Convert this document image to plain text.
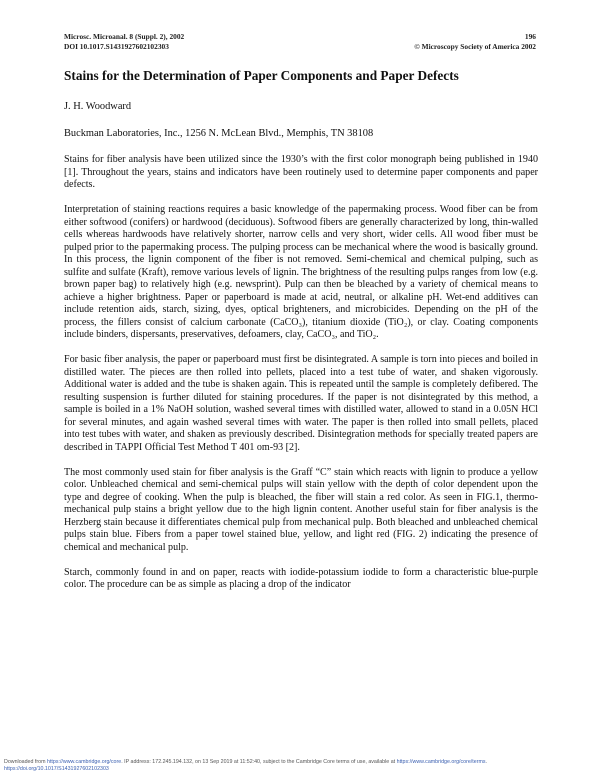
Microsc. Microanal. 8 (Suppl. 2), 2002
DOI 10.1017.S1431927602102303
196
© Microscopy Society of America 2002
Stains for the Determination of Paper Components and Paper Defects
J. H. Woodward
Buckman Laboratories, Inc., 1256 N. McLean Blvd., Memphis, TN 38108

Stains for fiber analysis have been utilized since the 1930’s with the first color monograph being published in 1940 [1]. Throughout the years, stains and indicators have been routinely used to determine paper components and paper defects.

Interpretation of staining reactions requires a basic knowledge of the papermaking process. Wood fiber can be from either softwood (conifers) or hardwood (deciduous). Softwood fibers are generally characterized by long, thin-walled cells whereas hardwoods have relatively shorter, narrow cells and very short, wider cells. All wood fiber must be pulped prior to the papermaking process. The pulping process can be mechanical where the wood is basically ground. In this process, the lignin component of the fiber is not removed. Semi-chemical and chemical pulping, such as sulfite and sulfate (Kraft), remove various levels of lignin. The brightness of the resulting pulps ranges from low (e.g. brown paper bag) to relatively high (e.g. newsprint). Pulp can then be bleached by a variety of chemical means to achieve a higher brightness. Paper or paperboard is made at acid, neutral, or alkaline pH. Wet-end additives can include retention aids, starch, sizing, dyes, optical brighteners, and microbicides. Depending on the pH of the process, the fillers consist of calcium carbonate (CaCO₃), titanium dioxide (TiO₂), or clay. Coating components include binders, dispersants, preservatives, defoamers, clay, CaCO₃, and TiO₂.

For basic fiber analysis, the paper or paperboard must first be disintegrated. A sample is torn into pieces and boiled in distilled water. The pieces are then rolled into pellets, placed into a test tube of water, and shaken vigorously. Additional water is added and the tube is shaken again. This is repeated until the sample is completely defibered. The resulting suspension is further diluted for staining procedures. If the paper is not disintegrated by this method, a sample is boiled in a 1% NaOH solution, washed several times with distilled water, allowed to stand in a 0.05N HCl for several minutes, and again washed several times with water. The paper is then rolled into small pellets, placed into test tubes with water, and shaken as previously described. Disintegration methods for specially treated papers are described in TAPPI Official Test Method T 401 om-93 [2].

The most commonly used stain for fiber analysis is the Graff “C” stain which reacts with lignin to produce a yellow color. Unbleached chemical and semi-chemical pulps will stain yellow with the depth of color dependent upon the type and degree of cooking. When the pulp is bleached, the fiber will stain a red color. As seen in FIG.1, thermo-mechanical pulp stains a bright yellow due to the high lignin content. Another useful stain for fiber analysis is the Herzberg stain because it differentiates chemical pulp from mechanical pulp. Both bleached and unbleached chemical pulps stain blue. Fibers from a paper towel stained blue, yellow, and light red (FIG. 2) indicating the presence of chemical and mechanical pulp.

Starch, commonly found in and on paper, reacts with iodide-potassium iodide to form a characteristic blue-purple color. The procedure can be as simple as placing a drop of the indicator

Downloaded from https://www.cambridge.org/core. IP address: 172.245.194.132, on 13 Sep 2019 at 11:52:40, subject to the Cambridge Core terms of use, available at https://www.cambridge.org/core/terms.
https://doi.org/10.1017/S1431927602102303
